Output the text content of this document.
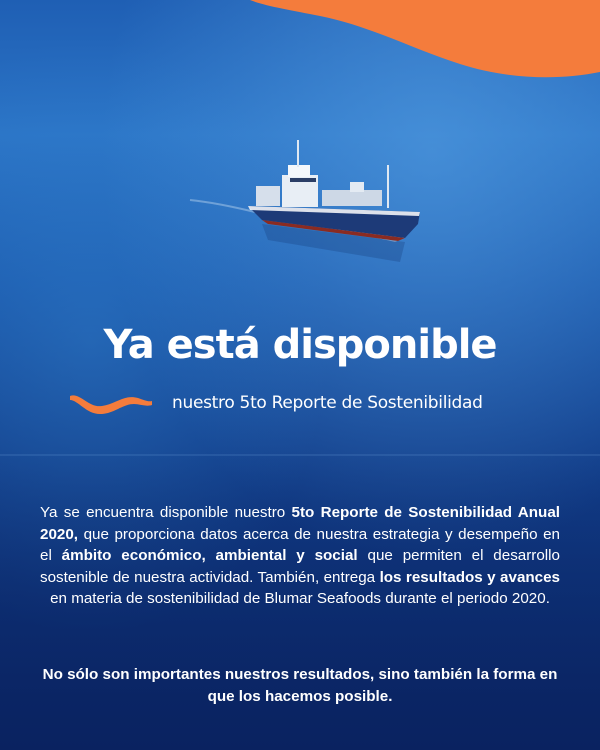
Ya está disponible
nuestro 5to Reporte de Sostenibilidad
Ya se encuentra disponible nuestro 5to Reporte de Sostenibilidad Anual 2020, que proporciona datos acerca de nuestra estrategia y desempeño en el ámbito económico, ambiental y social que permiten el desarrollo sostenible de nuestra actividad. También, entrega los resultados y avances en materia de sostenibilidad de Blumar Seafoods durante el periodo 2020.
No sólo son importantes nuestros resultados, sino también la forma en que los hacemos posible.
